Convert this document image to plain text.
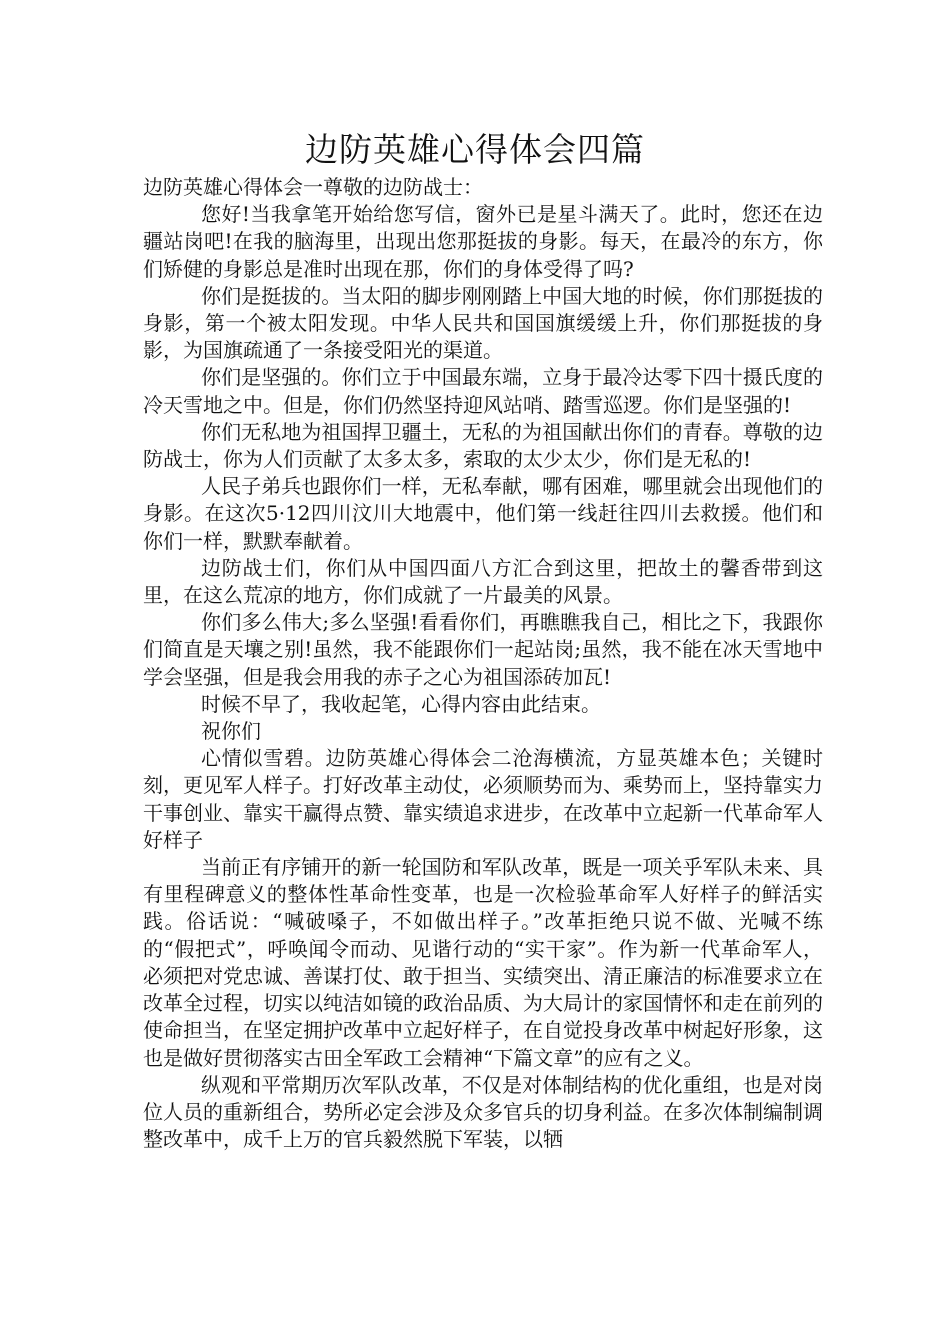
边防英雄心得体会四篇

边防英雄心得体会一尊敬的边防战士：

您好!当我拿笔开始给您写信，窗外已是星斗满天了。此时，您还在边疆站岗吧!在我的脑海里，出现出您那挺拔的身影。每天，在最冷的东方，你们矫健的身影总是准时出现在那，你们的身体受得了吗?

你们是挺拔的。当太阳的脚步刚刚踏上中国大地的时候，你们那挺拔的身影，第一个被太阳发现。中华人民共和国国旗缓缓上升，你们那挺拔的身影，为国旗疏通了一条接受阳光的渠道。

你们是坚强的。你们立于中国最东端，立身于最冷达零下四十摄氏度的冷天雪地之中。但是，你们仍然坚持迎风站哨、踏雪巡逻。你们是坚强的!

你们无私地为祖国捍卫疆土，无私的为祖国献出你们的青春。尊敬的边防战士，你为人们贡献了太多太多，索取的太少太少，你们是无私的!

人民子弟兵也跟你们一样，无私奉献，哪有困难，哪里就会出现他们的身影。在这次5·12四川汶川大地震中，他们第一线赶往四川去救援。他们和你们一样，默默奉献着。

边防战士们，你们从中国四面八方汇合到这里，把故土的馨香带到这里，在这么荒凉的地方，你们成就了一片最美的风景。

你们多么伟大;多么坚强!看看你们，再瞧瞧我自己，相比之下，我跟你们简直是天壤之别!虽然，我不能跟你们一起站岗;虽然，我不能在冰天雪地中学会坚强，但是我会用我的赤子之心为祖国添砖加瓦!

时候不早了，我收起笔，心得内容由此结束。

祝你们

心情似雪碧。边防英雄心得体会二沧海横流，方显英雄本色；关键时刻，更见军人样子。打好改革主动仗，必须顺势而为、乘势而上，坚持靠实力干事创业、靠实干赢得点赞、靠实绩追求进步，在改革中立起新一代革命军人好样子

当前正有序铺开的新一轮国防和军队改革，既是一项关乎军队未来、具有里程碑意义的整体性革命性变革，也是一次检验革命军人好样子的鲜活实践。俗话说：“喊破嗓子，不如做出样子。”改革拒绝只说不做、光喊不练的“假把式”，呼唤闻令而动、见谐行动的“实干家”。作为新一代革命军人，必须把对党忠诚、善谋打仗、敢于担当、实绩突出、清正廉洁的标准要求立在改革全过程，切实以纯洁如镜的政治品质、为大局计的家国情怀和走在前列的使命担当，在坚定拥护改革中立起好样子，在自觉投身改革中树起好形象，这也是做好贯彻落实古田全军政工会精神“下篇文章”的应有之义。

纵观和平常期历次军队改革，不仅是对体制结构的优化重组，也是对岗位人员的重新组合，势所必定会涉及众多官兵的切身利益。在多次体制编制调整改革中，成千上万的官兵毅然脱下军装，以牺
